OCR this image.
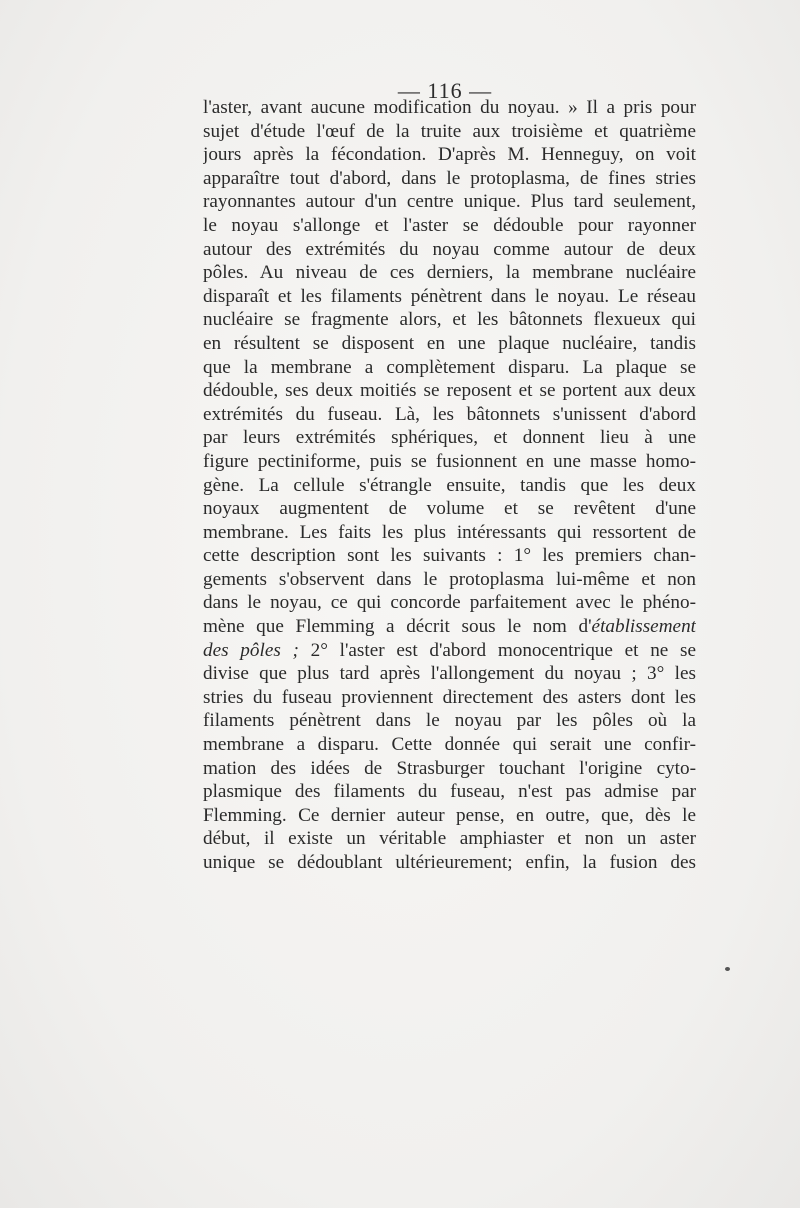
— 116 —
l'aster, avant aucune modification du noyau. » Il a pris pour
sujet d'étude l'œuf de la truite aux troisième et quatrième
jours après la fécondation. D'après M. Henneguy, on voit
apparaître tout d'abord, dans le protoplasma, de fines stries
rayonnantes autour d'un centre unique. Plus tard seulement,
le noyau s'allonge et l'aster se dédouble pour rayonner
autour des extrémités du noyau comme autour de deux
pôles. Au niveau de ces derniers, la membrane nucléaire
disparaît et les filaments pénètrent dans le noyau. Le réseau
nucléaire se fragmente alors, et les bâtonnets flexueux qui
en résultent se disposent en une plaque nucléaire, tandis
que la membrane a complètement disparu. La plaque se
dédouble, ses deux moitiés se reposent et se portent aux deux
extrémités du fuseau. Là, les bâtonnets s'unissent d'abord
par leurs extrémités sphériques, et donnent lieu à une
figure pectiniforme, puis se fusionnent en une masse homo-
gène. La cellule s'étrangle ensuite, tandis que les deux
noyaux augmentent de volume et se revêtent d'une
membrane. Les faits les plus intéressants qui ressortent de
cette description sont les suivants : 1° les premiers chan-
gements s'observent dans le protoplasma lui-même et non
dans le noyau, ce qui concorde parfaitement avec le phéno-
mène que Flemming a décrit sous le nom d'établissement
des pôles ; 2° l'aster est d'abord monocentrique et ne se
divise que plus tard après l'allongement du noyau ; 3° les
stries du fuseau proviennent directement des asters dont les
filaments pénètrent dans le noyau par les pôles où la
membrane a disparu. Cette donnée qui serait une confir-
mation des idées de Strasburger touchant l'origine cyto-
plasmique des filaments du fuseau, n'est pas admise par
Flemming. Ce dernier auteur pense, en outre, que, dès le
début, il existe un véritable amphiaster et non un aster
unique se dédoublant ultérieurement; enfin, la fusion des
